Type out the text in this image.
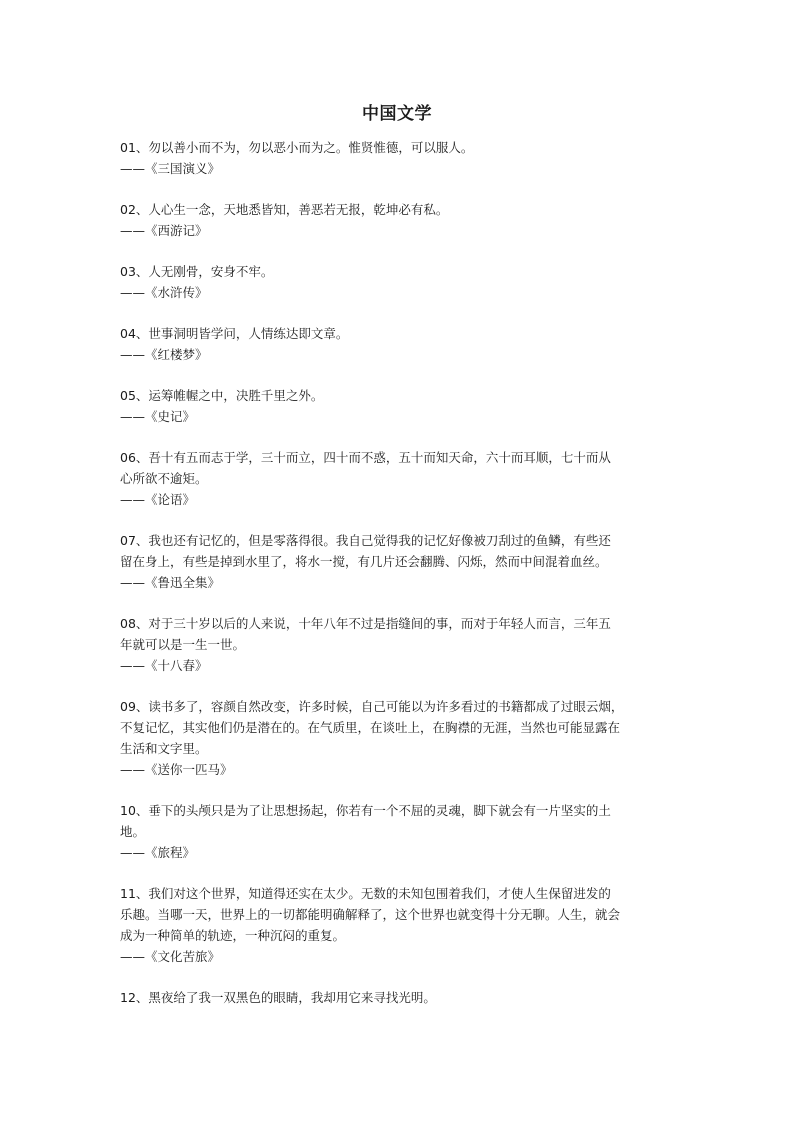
中国文学
01、勿以善小而不为，勿以恶小而为之。惟贤惟德，可以服人。
——《三国演义》
02、人心生一念，天地悉皆知，善恶若无报，乾坤必有私。
——《西游记》
03、人无刚骨，安身不牢。
——《水浒传》
04、世事洞明皆学问，人情练达即文章。
——《红楼梦》
05、运筹帷幄之中，决胜千里之外。
——《史记》
06、吾十有五而志于学，三十而立，四十而不惑，五十而知天命，六十而耳顺，七十而从
心所欲不逾矩。
——《论语》
07、我也还有记忆的，但是零落得很。我自己觉得我的记忆好像被刀刮过的鱼鳞，有些还
留在身上，有些是掉到水里了，将水一搅，有几片还会翻腾、闪烁，然而中间混着血丝。
——《鲁迅全集》
08、对于三十岁以后的人来说，十年八年不过是指缝间的事，而对于年轻人而言，三年五
年就可以是一生一世。
——《十八春》
09、读书多了，容颜自然改变，许多时候，自己可能以为许多看过的书籍都成了过眼云烟，
不复记忆，其实他们仍是潜在的。在气质里，在谈吐上，在胸襟的无涯，当然也可能显露在
生活和文字里。
——《送你一匹马》
10、垂下的头颅只是为了让思想扬起，你若有一个不屈的灵魂，脚下就会有一片坚实的土
地。
——《旅程》
11、我们对这个世界，知道得还实在太少。无数的未知包围着我们，才使人生保留进发的
乐趣。当哪一天，世界上的一切都能明确解释了，这个世界也就变得十分无聊。人生，就会
成为一种简单的轨迹，一种沉闷的重复。
——《文化苦旅》
12、黑夜给了我一双黑色的眼睛，我却用它来寻找光明。
